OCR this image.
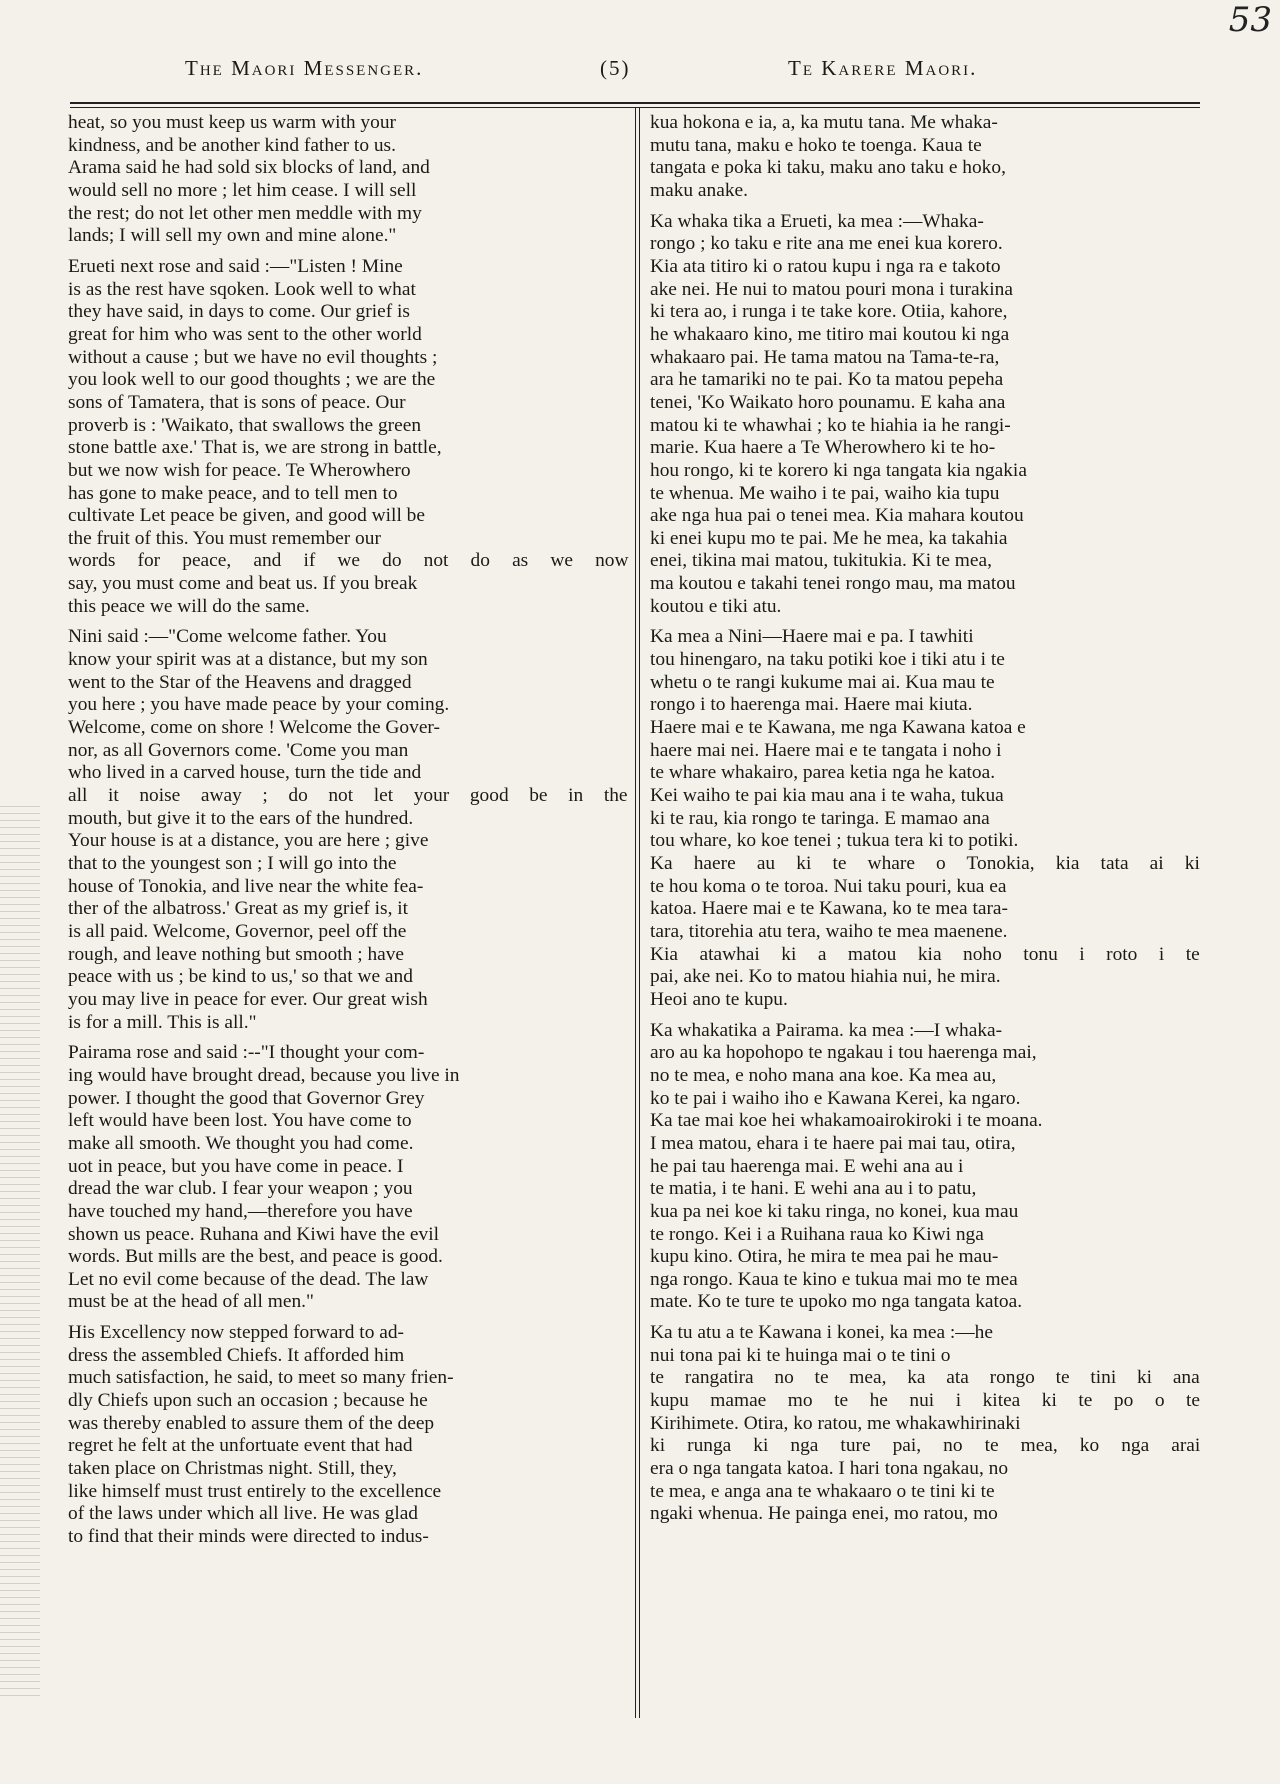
53
The Maori Messenger.	(5)	Te Karere Maori.
heat, so you must keep us warm with your
kindness, and be another kind father to us.
Arama said he had sold six blocks of land, and
would sell no more ; let him cease. I will sell
the rest; do not let other men meddle with my
lands; I will sell my own and mine alone."
Erueti next rose and said :—"Listen ! Mine
is as the rest have sqoken. Look well to what
they have said, in days to come. Our grief is
great for him who was sent to the other world
without a cause ; but we have no evil thoughts ;
you look well to our good thoughts ; we are the
sons of Tamatera, that is sons of peace. Our
proverb is : 'Waikato, that swallows the green
stone battle axe.' That is, we are strong in battle,
but we now wish for peace. Te Wherowhero
has gone to make peace, and to tell men to
cultivate Let peace be given, and good will be
the fruit of this. You must remember our
words for peace, and if we do not do as we now
say, you must come and beat us. If you break
this peace we will do the same.
Nini said :—"Come welcome father. You
know your spirit was at a distance, but my son
went to the Star of the Heavens and dragged
you here ; you have made peace by your coming.
Welcome, come on shore ! Welcome the Gover-
nor, as all Governors come. 'Come you man
who lived in a carved house, turn the tide and
all it noise away ; do not let your good be in the
mouth, but give it to the ears of the hundred.
Your house is at a distance, you are here ; give
that to the youngest son ; I will go into the
house of Tonokia, and live near the white fea-
ther of the albatross.' Great as my grief is, it
is all paid. Welcome, Governor, peel off the
rough, and leave nothing but smooth ; have
peace with us ; be kind to us,' so that we and
you may live in peace for ever. Our great wish
is for a mill. This is all."
Pairama rose and said :--"I thought your com-
ing would have brought dread, because you live in
power. I thought the good that Governor Grey
left would have been lost. You have come to
make all smooth. We thought you had come.
uot in peace, but you have come in peace. I
dread the war club. I fear your weapon ; you
have touched my hand,—therefore you have
shown us peace. Ruhana and Kiwi have the evil
words. But mills are the best, and peace is good.
Let no evil come because of the dead. The law
must be at the head of all men."
His Excellency now stepped forward to ad-
dress the assembled Chiefs. It afforded him
much satisfaction, he said, to meet so many frien-
dly Chiefs upon such an occasion ; because he
was thereby enabled to assure them of the deep
regret he felt at the unfortuate event that had
taken place on Christmas night. Still, they,
like himself must trust entirely to the excellence
of the laws under which all live. He was glad
to find that their minds were directed to indus-
kua hokona e ia, a, ka mutu tana. Me whaka-
mutu tana, maku e hoko te toenga. Kaua te
tangata e poka ki taku, maku ano taku e hoko,
maku anake.
Ka whaka tika a Erueti, ka mea :—Whaka-
rongo ; ko taku e rite ana me enei kua korero.
Kia ata titiro ki o ratou kupu i nga ra e takoto
ake nei. He nui to matou pouri mona i turakina
ki tera ao, i runga i te take kore. Otiia, kahore,
he whakaaro kino, me titiro mai koutou ki nga
whakaaro pai. He tama matou na Tama-te-ra,
ara he tamariki no te pai. Ko ta matou pepeha
tenei, 'Ko Waikato horo pounamu. E kaha ana
matou ki te whawhai ; ko te hiahia ia he rangi-
marie. Kua haere a Te Wherowhero ki te ho-
hou rongo, ki te korero ki nga tangata kia ngakia
te whenua. Me waiho i te pai, waiho kia tupu
ake nga hua pai o tenei mea. Kia mahara koutou
ki enei kupu mo te pai. Me he mea, ka takahia
enei, tikina mai matou, tukitukia. Ki te mea,
ma koutou e takahi tenei rongo mau, ma matou
koutou e tiki atu.
Ka mea a Nini—Haere mai e pa. I tawhiti
tou hinengaro, na taku potiki koe i tiki atu i te
whetu o te rangi kukume mai ai. Kua mau te
rongo i to haerenga mai. Haere mai kiuta.
Haere mai e te Kawana, me nga Kawana katoa e
haere mai nei. Haere mai e te tangata i noho i
te whare whakairo, parea ketia nga he katoa.
Kei waiho te pai kia mau ana i te waha, tukua
ki te rau, kia rongo te taringa. E mamao ana
tou whare, ko koe tenei ; tukua tera ki to potiki.
Ka haere au ki te whare o Tonokia, kia tata ai ki
te hou koma o te toroa. Nui taku pouri, kua ea
katoa. Haere mai e te Kawana, ko te mea tara-
tara, titorehia atu tera, waiho te mea maenene.
Kia atawhai ki a matou kia noho tonu i roto i te
pai, ake nei. Ko to matou hiahia nui, he mira.
Heoi ano te kupu.
Ka whakatika a Pairama. ka mea :—I whaka-
aro au ka hopohopo te ngakau i tou haerenga mai,
no te mea, e noho mana ana koe. Ka mea au,
ko te pai i waiho iho e Kawana Kerei, ka ngaro.
Ka tae mai koe hei whakamoairokiroki i te moana.
I mea matou, ehara i te haere pai mai tau, otira,
he pai tau haerenga mai. E wehi ana au i
te matia, i te hani. E wehi ana au i to patu,
kua pa nei koe ki taku ringa, no konei, kua mau
te rongo. Kei i a Ruihana raua ko Kiwi nga
kupu kino. Otira, he mira te mea pai he mau-
nga rongo. Kaua te kino e tukua mai mo te mea
mate. Ko te ture te upoko mo nga tangata katoa.
Ka tu atu a te Kawana i konei, ka mea :—he
nui tona pai ki te huinga mai o te tini o
te rangatira no te mea, ka ata rongo te tini ki ana
kupu mamae mo te he nui i kitea ki te po o te
Kirihimete. Otira, ko ratou, me whakawhirinaki
ki runga ki nga ture pai, no te mea, ko nga arai
era o nga tangata katoa. I hari tona ngakau, no
te mea, e anga ana te whakaaro o te tini ki te
ngaki whenua. He painga enei, mo ratou, mo
